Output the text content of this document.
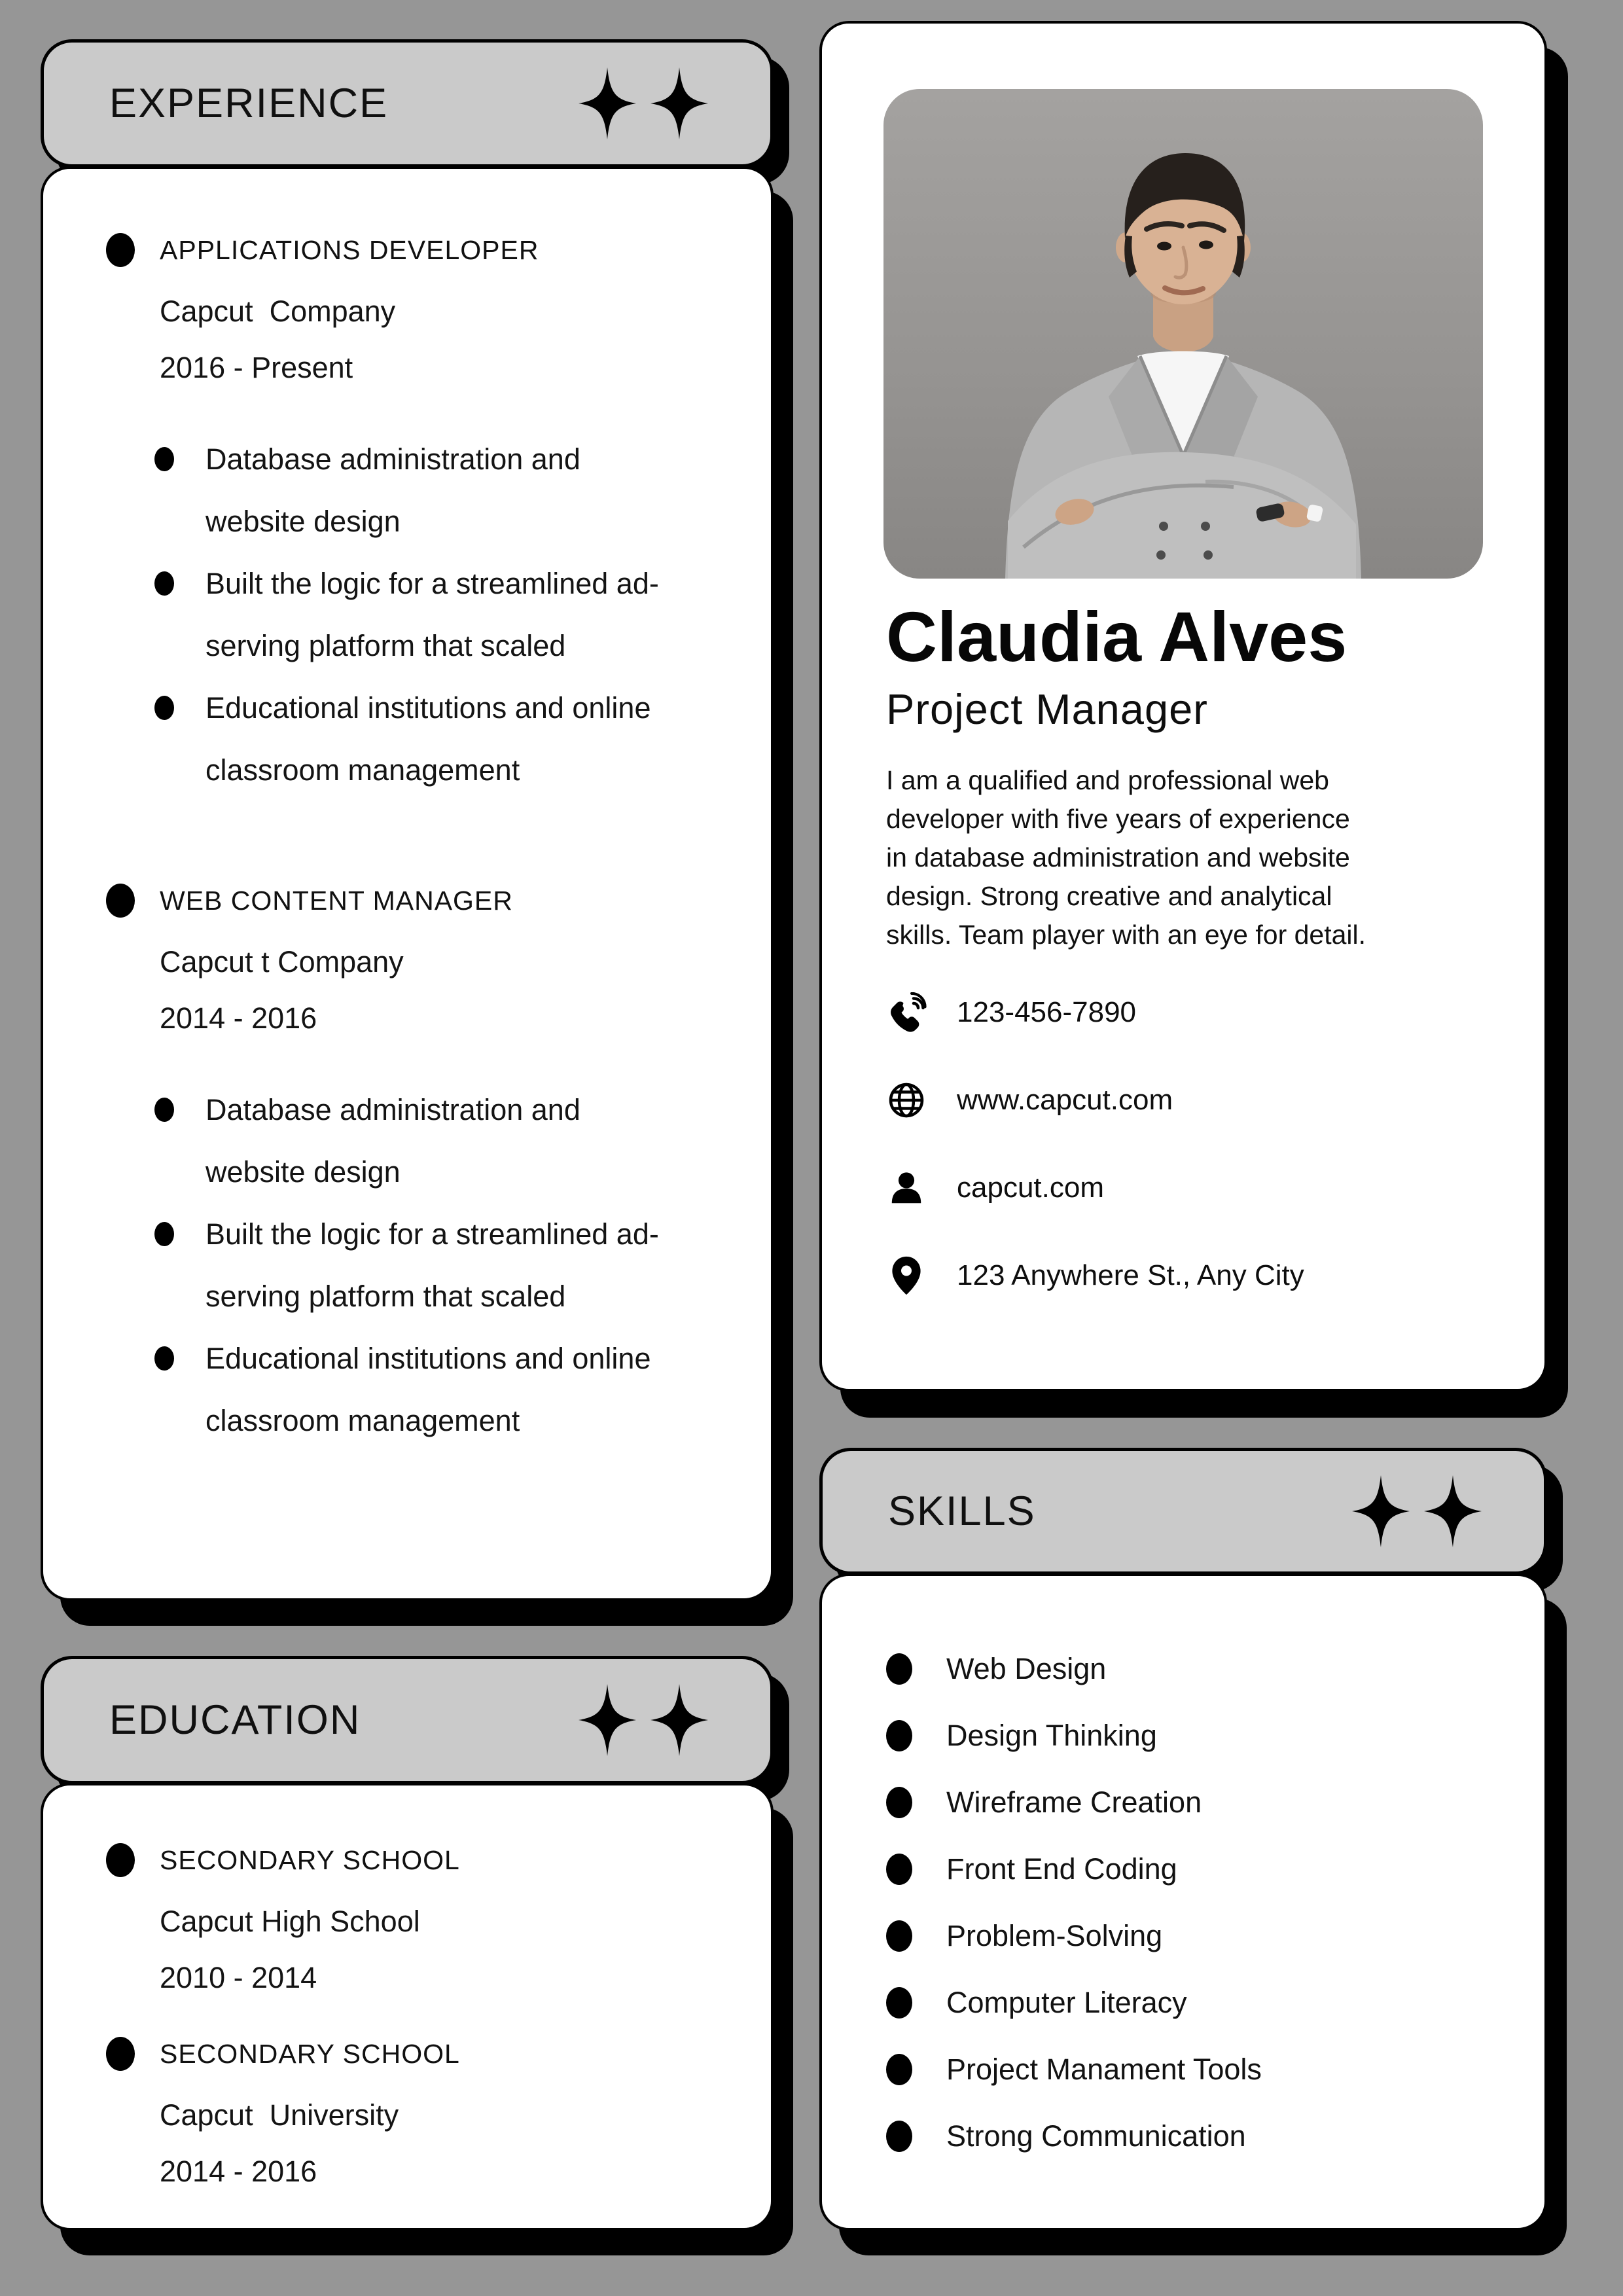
EXPERIENCE
APPLICATIONS DEVELOPER
Capcut  Company
2016 - Present
Database administration and
website design
Built the logic for a streamlined ad-
serving platform that scaled
Educational institutions and online
classroom management
WEB CONTENT MANAGER
Capcut t Company
2014 - 2016
Database administration and
website design
Built the logic for a streamlined ad-
serving platform that scaled
Educational institutions and online
classroom management
EDUCATION
SECONDARY SCHOOL
Capcut High School
2010 - 2014
SECONDARY SCHOOL
Capcut  University
2014 - 2016
Claudia Alves
Project Manager
I am a qualified and professional web developer with five years of experience in database administration and website design. Strong creative and analytical skills. Team player with an eye for detail.
123-456-7890
www.capcut.com
capcut.com
123 Anywhere St., Any City
SKILLS
Web Design
Design Thinking
Wireframe Creation
Front End Coding
Problem-Solving
Computer Literacy
Project Manament Tools
Strong Communication
